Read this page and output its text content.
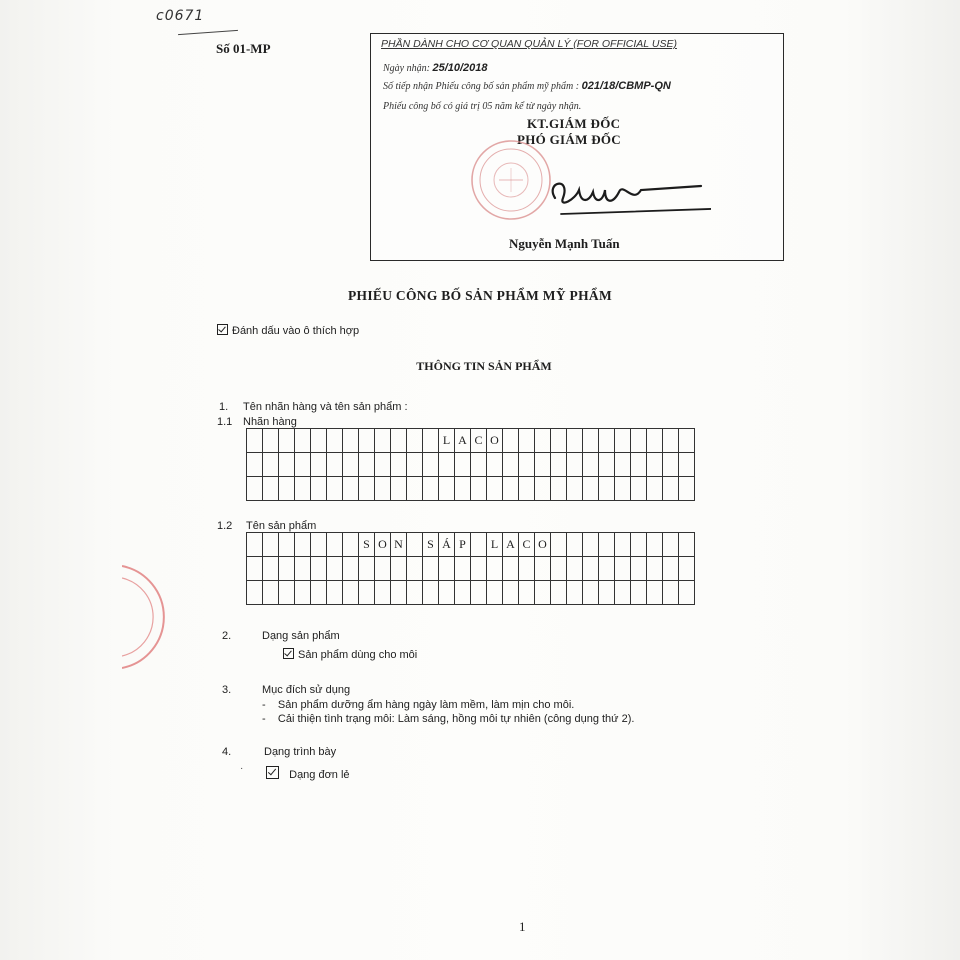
c0671
Số 01-MP	PHẦN DÀNH CHO CƠ QUAN QUẢN LÝ (FOR OFFICIAL USE)
Ngày nhận: 25/10/2018
Số tiếp nhận Phiếu công bố sản phẩm mỹ phẩm : 021/18/CBMP-QN
Phiếu công bố có giá trị 05 năm kể từ ngày nhận.
KT.GIÁM ĐỐC
PHÓ GIÁM ĐỐC
Nguyễn Mạnh Tuấn
PHIẾU CÔNG BỐ SẢN PHẨM MỸ PHẨM
Đánh dấu vào ô thích hợp
THÔNG TIN SẢN PHẨM
1. Tên nhãn hàng và tên sản phẩm :
1.1 Nhãn hàng
L A C O
1.2 Tên sản phẩm
S O N	S Á P	L A C O
2.	Dạng sản phẩm
Sản phẩm dùng cho môi
3.	Mục đích sử dụng
-    Sản phẩm dưỡng ẩm hàng ngày làm mềm, làm mịn cho môi.
-    Cải thiện tình trạng môi: Làm sáng, hồng môi tự nhiên (công dụng thứ 2).
4.	Dạng trình bày
·
Dạng đơn lẻ
1
